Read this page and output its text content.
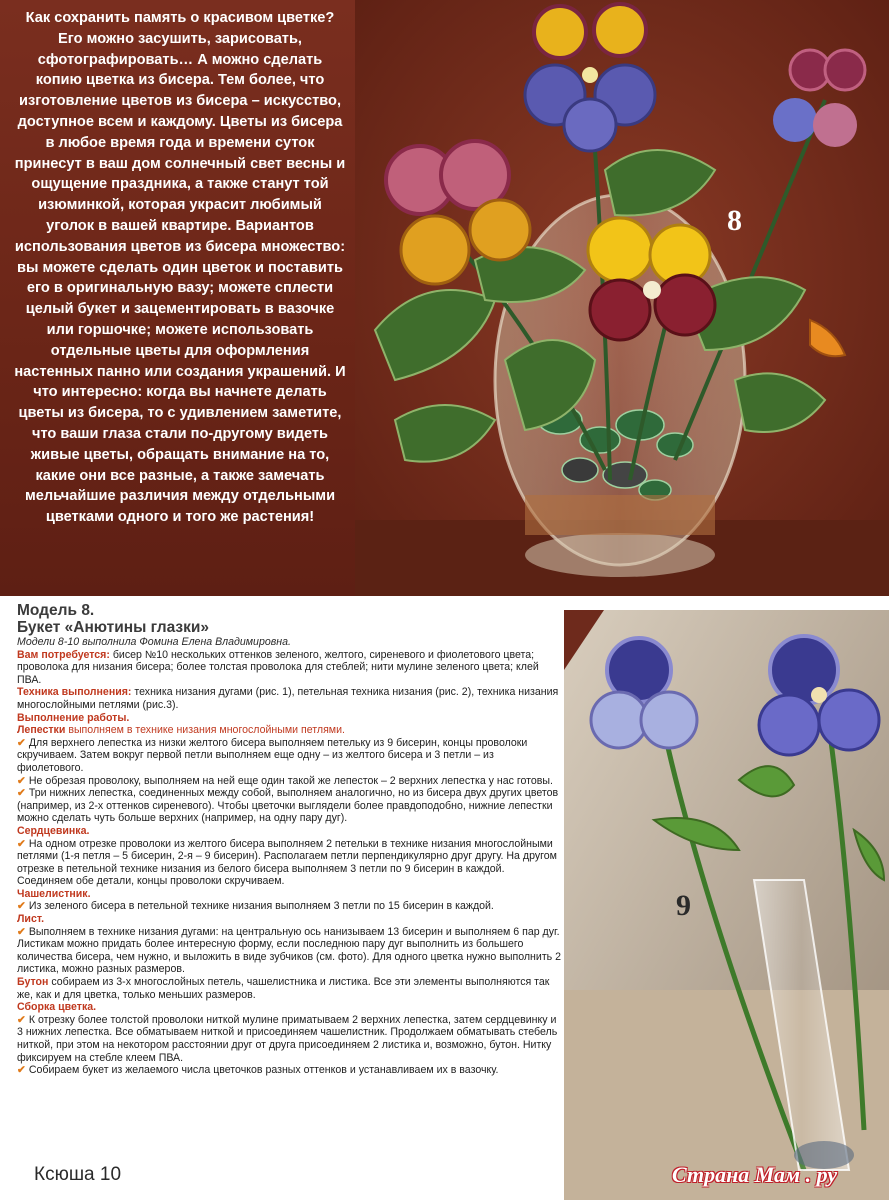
Как сохранить память о красивом цветке? Его можно засушить, зарисовать, сфотографировать… А можно сделать копию цветка из бисера. Тем более, что изготовление цветов из бисера – искусство, доступное всем и каждому. Цветы из бисера в любое время года и времени суток принесут в ваш дом солнечный свет весны и ощущение праздника, а также станут той изюминкой, которая украсит любимый уголок в вашей квартире. Вариантов использования цветов из бисера множество: вы можете сделать один цветок и поставить его в оригинальную вазу; можете сплести целый букет и зацементировать в вазочке или горшочке; можете использовать отдельные цветы для оформления настенных панно или создания украшений. И что интересно: когда вы начнете делать цветы из бисера, то с удивлением заметите, что ваши глаза стали по-другому видеть живые цветы, обращать внимание на то, какие они все разные, а также замечать мельчайшие различия между отдельными цветками одного и того же растения!

8
9
Модель 8.
Букет «Анютины глазки»
Модели 8-10 выполнила Фомина Елена Владимировна.

Вам потребуется: бисер №10 нескольких оттенков зеленого, желтого, сиреневого и фиолетового цвета; проволока для низания бисера; более толстая проволока для стеблей; нити мулине зеленого цвета; клей ПВА.

Техника выполнения: техника низания дугами (рис. 1), петельная техника низания (рис. 2), техника низания многослойными петлями (рис.3).

Выполнение работы.

Лепестки выполняем в технике низания многослойными петлями.

✔ Для верхнего лепестка из низки желтого бисера выполняем петельку из 9 бисерин, концы проволоки скручиваем. Затем вокруг первой петли выполняем еще одну – из желтого бисера и 3 петли – из фиолетового.

✔ Не обрезая проволоку, выполняем на ней еще один такой же лепесток – 2 верхних лепестка у нас готовы.

✔ Три нижних лепестка, соединенных между собой, выполняем аналогично, но из бисера двух других цветов (например, из 2-х оттенков сиреневого). Чтобы цветочки выглядели более правдоподобно, нижние лепестки можно сделать чуть больше верхних (например, на одну пару дуг).

Сердцевинка.

✔ На одном отрезке проволоки из желтого бисера выполняем 2 петельки в технике низания многослойными петлями (1-я петля – 5 бисерин, 2-я – 9 бисерин). Располагаем петли перпендикулярно друг другу. На другом отрезке в петельной технике низания из белого бисера выполняем 3 петли по 9 бисерин в каждой. Соединяем обе детали, концы проволоки скручиваем.

Чашелистник.

✔ Из зеленого бисера в петельной технике низания выполняем 3 петли по 15 бисерин в каждой.

Лист.

✔ Выполняем в технике низания дугами: на центральную ось нанизываем 13 бисерин и выполняем 6 пар дуг. Листикам можно придать более интересную форму, если последнюю пару дуг выполнить из большего количества бисера, чем нужно, и выложить в виде зубчиков (см. фото). Для одного цветка нужно выполнить 2 листика, можно разных размеров.

Бутон собираем из 3-х многослойных петель, чашелистника и листика. Все эти элементы выполняются так же, как и для цветка, только меньших размеров.

Сборка цветка.

✔ К отрезку более толстой проволоки ниткой мулине приматываем 2 верхних лепестка, затем сердцевинку и 3 нижних лепестка. Все обматываем ниткой и присоединяем чашелистник. Продолжаем обматывать стебель ниткой, при этом на некотором расстоянии друг от друга присоединяем 2 листика и, возможно, бутон. Нитку фиксируем на стебле клеем ПВА.

✔ Собираем букет из желаемого числа цветочков разных оттенков и устанавливаем их в вазочку.

Ксюша 10	Страна Мам . ру
